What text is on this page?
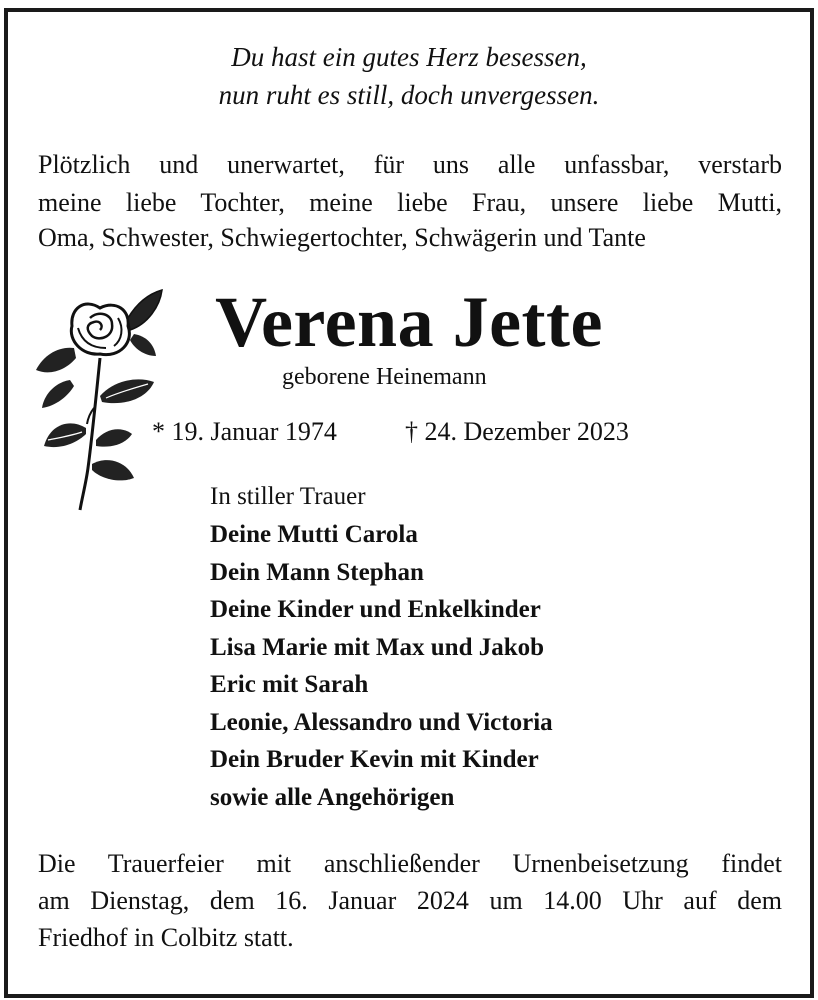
Du hast ein gutes Herz besessen,
nun ruht es still, doch unvergessen.
Plötzlich und unerwartet, für uns alle unfassbar, verstarb
meine liebe Tochter, meine liebe Frau, unsere liebe Mutti,
Oma, Schwester, Schwiegertochter, Schwägerin und Tante
Verena Jette
geborene Heinemann
* 19. Januar 1974	† 24. Dezember 2023
In stiller Trauer
Deine Mutti Carola
Dein Mann Stephan
Deine Kinder und Enkelkinder
Lisa Marie mit Max und Jakob
Eric mit Sarah
Leonie, Alessandro und Victoria
Dein Bruder Kevin mit Kinder
sowie alle Angehörigen
Die Trauerfeier mit anschließender Urnenbeisetzung findet
am Dienstag, dem 16. Januar 2024 um 14.00 Uhr auf dem
Friedhof in Colbitz statt.
